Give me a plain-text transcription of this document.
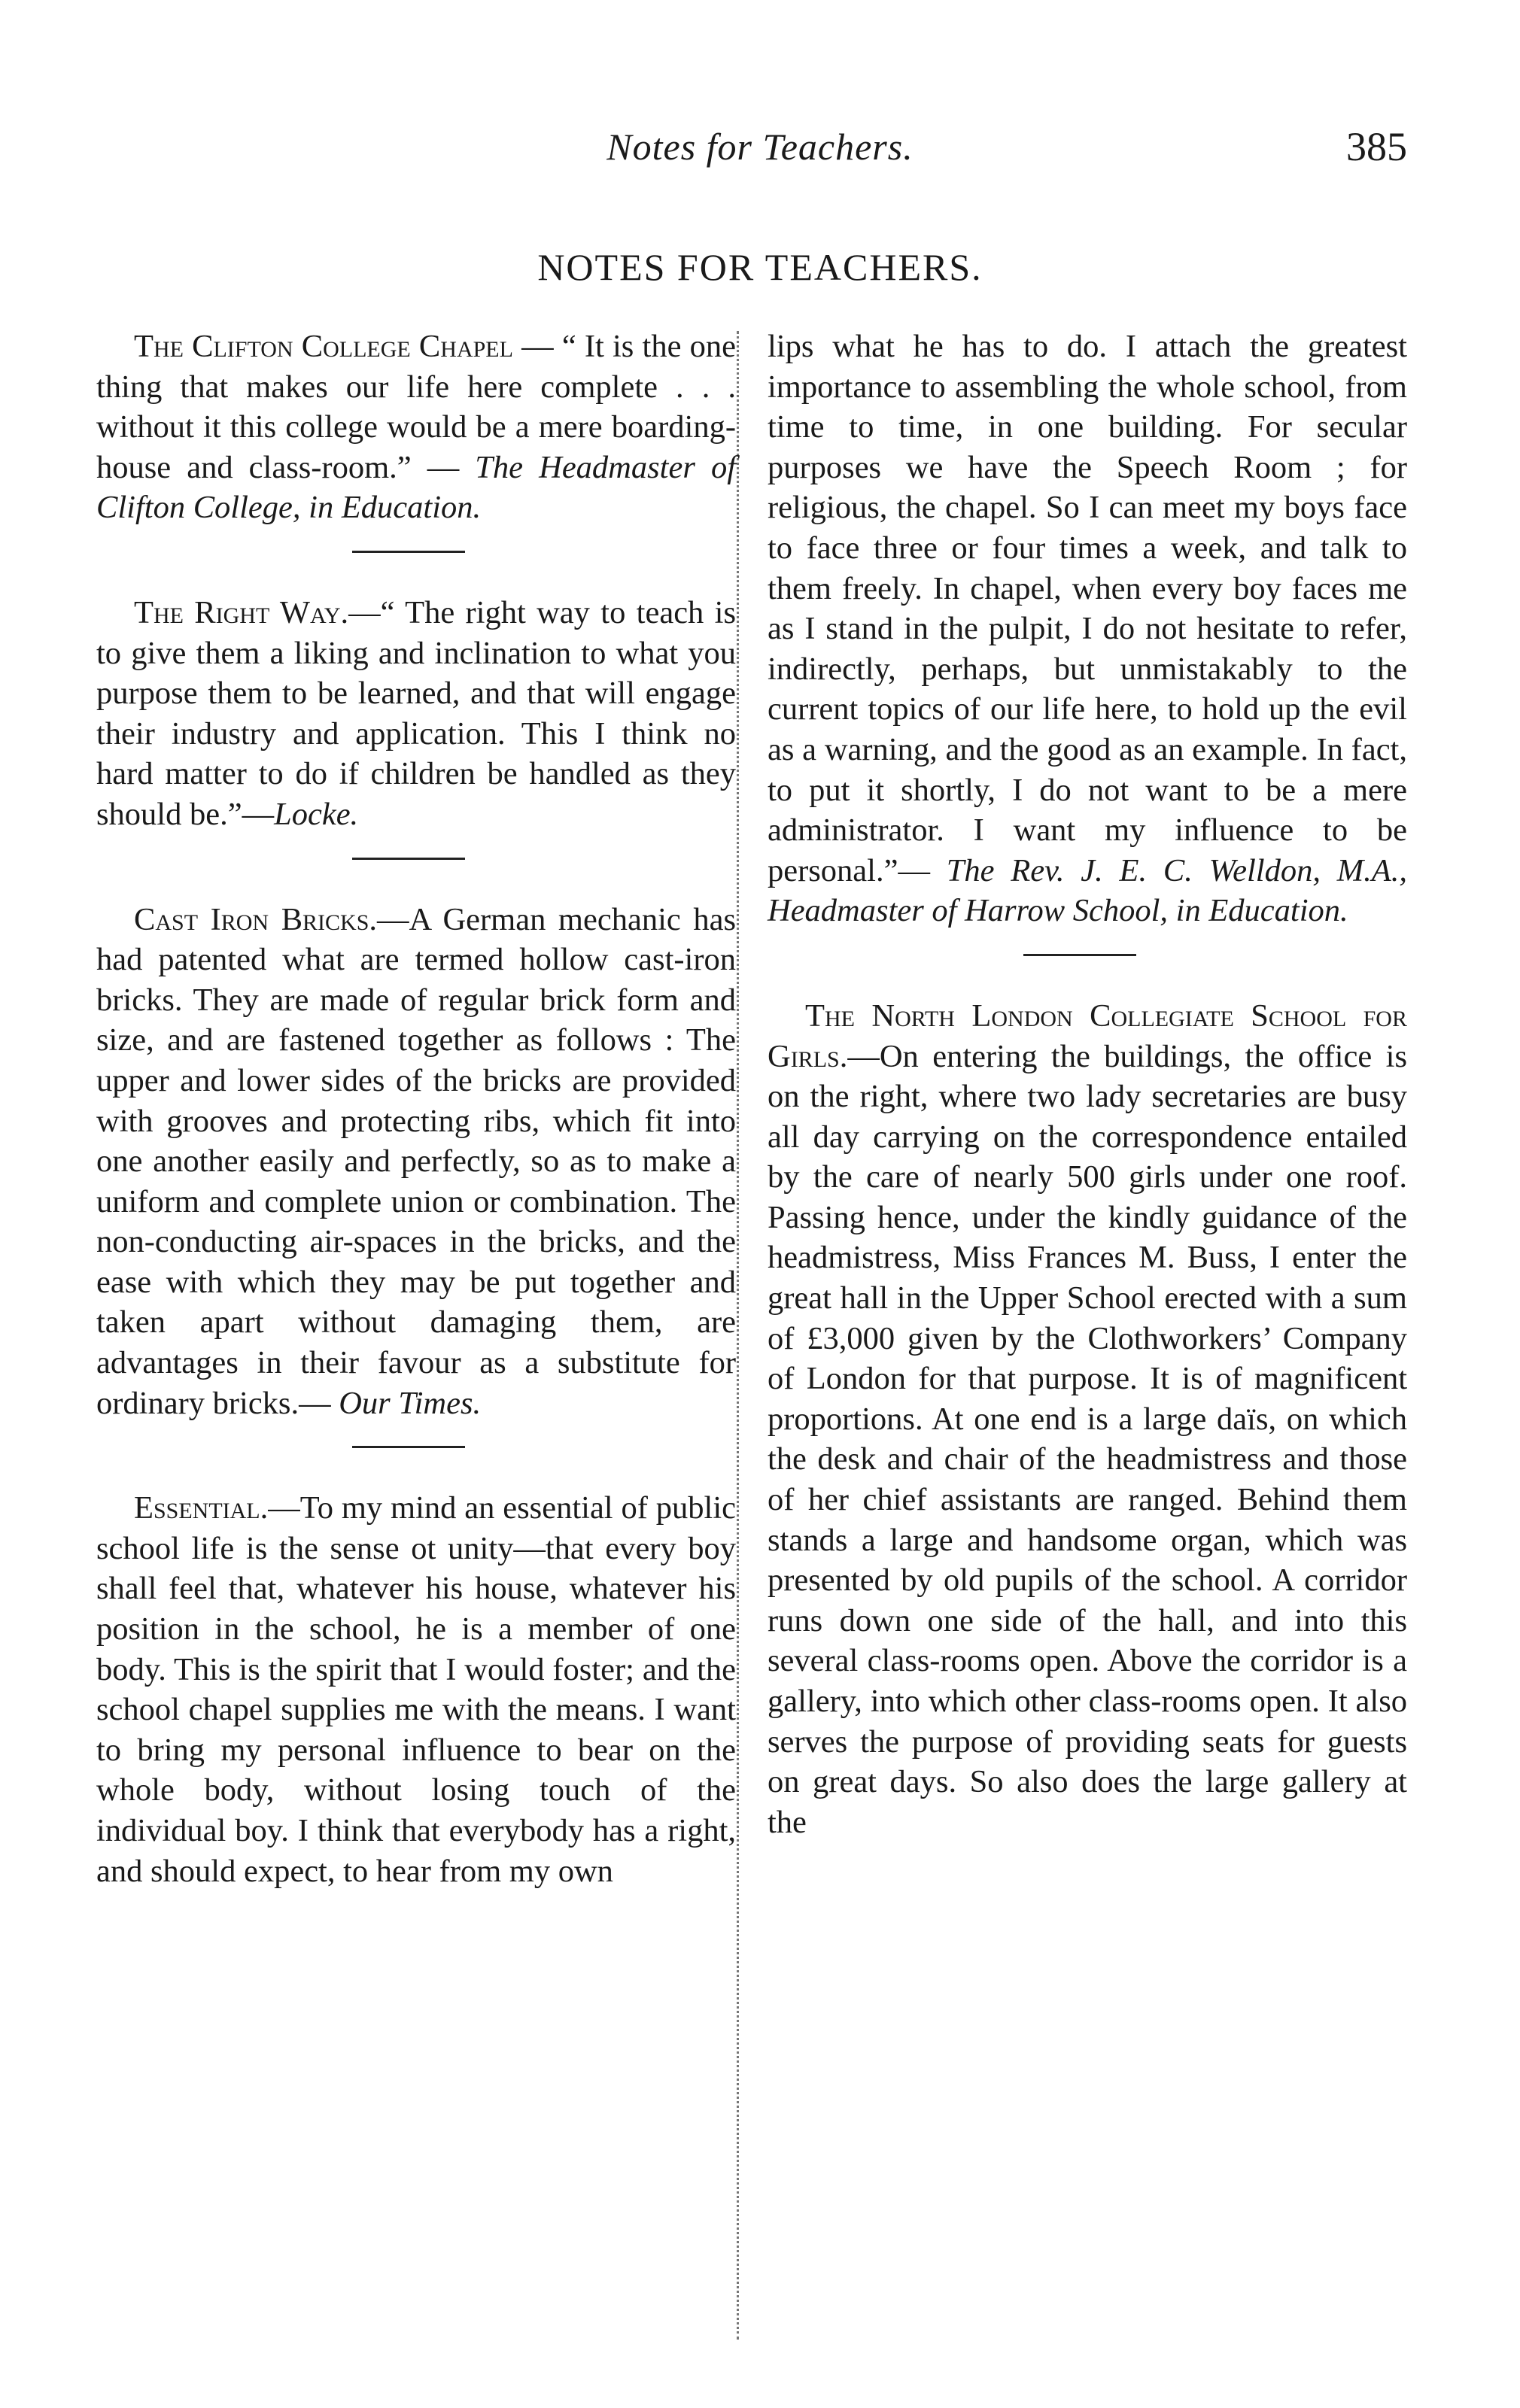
Notes for Teachers.	385
NOTES FOR TEACHERS.

The Clifton College Chapel — “ It is the one thing that makes our life here complete . . . without it this college would be a mere boarding-house and class-room.” — The Headmaster of Clifton College, in Education.

The Right Way.—“ The right way to teach is to give them a liking and inclination to what you purpose them to be learned, and that will engage their industry and application. This I think no hard matter to do if children be handled as they should be.”—Locke.

Cast Iron Bricks.—A German mechanic has had patented what are termed hollow cast-iron bricks. They are made of regular brick form and size, and are fastened together as follows : The upper and lower sides of the bricks are provided with grooves and protecting ribs, which fit into one another easily and perfectly, so as to make a uniform and complete union or combination. The non-conducting air-spaces in the bricks, and the ease with which they may be put together and taken apart without damaging them, are advantages in their favour as a substitute for ordinary bricks.— Our Times.

Essential.—To my mind an essential of public school life is the sense ot unity—that every boy shall feel that, whatever his house, whatever his position in the school, he is a member of one body. This is the spirit that I would foster; and the school chapel supplies me with the means. I want to bring my personal influence to bear on the whole body, without losing touch of the individual boy. I think that everybody has a right, and should expect, to hear from my own

lips what he has to do. I attach the greatest importance to assembling the whole school, from time to time, in one building. For secular purposes we have the Speech Room ; for religious, the chapel. So I can meet my boys face to face three or four times a week, and talk to them freely. In chapel, when every boy faces me as I stand in the pulpit, I do not hesitate to refer, indirectly, perhaps, but unmistakably to the current topics of our life here, to hold up the evil as a warning, and the good as an example. In fact, to put it shortly, I do not want to be a mere administrator. I want my influence to be personal.”— The Rev. J. E. C. Welldon, M.A., Headmaster of Harrow School, in Education.

The North London Collegiate School for Girls.—On entering the buildings, the office is on the right, where two lady secretaries are busy all day carrying on the correspondence entailed by the care of nearly 500 girls under one roof. Passing hence, under the kindly guidance of the headmistress, Miss Frances M. Buss, I enter the great hall in the Upper School erected with a sum of £3,000 given by the Clothworkers’ Company of London for that purpose. It is of magnificent proportions. At one end is a large daïs, on which the desk and chair of the headmistress and those of her chief assistants are ranged. Behind them stands a large and handsome organ, which was presented by old pupils of the school. A corridor runs down one side of the hall, and into this several class-rooms open. Above the corridor is a gallery, into which other class-rooms open. It also serves the purpose of providing seats for guests on great days. So also does the large gallery at the
